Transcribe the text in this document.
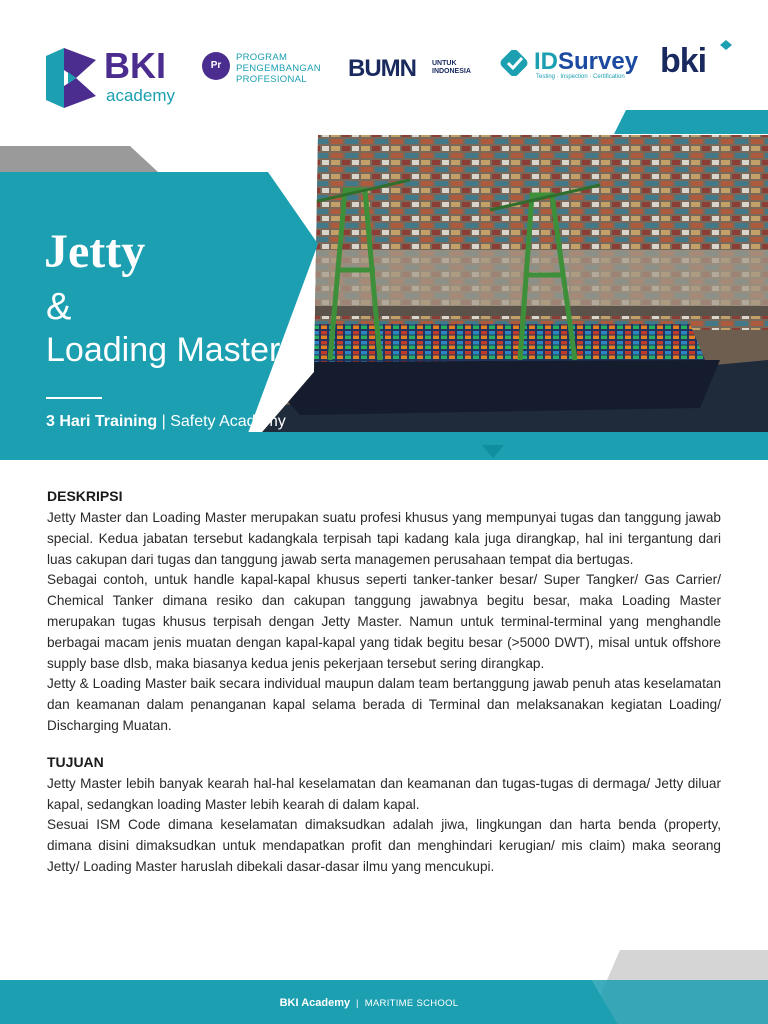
BKI
academy
Pr
PROGRAM
PENGEMBANGAN
PROFESIONAL	BUMN UNTUK
INDONESIA	IDSurvey
Testing · Inspection · Certification bki
Jetty
&
Loading Master
3 Hari Training | Safety Academy
DESKRIPSI

Jetty Master dan Loading Master merupakan suatu profesi khusus yang mempunyai tugas dan tanggung jawab special. Kedua jabatan tersebut kadangkala terpisah tapi kadang kala juga dirangkap, hal ini tergantung dari luas cakupan dari tugas dan tanggung jawab serta managemen perusahaan tempat dia bertugas.

Sebagai contoh, untuk handle kapal-kapal khusus seperti tanker-tanker besar/ Super Tangker/ Gas Carrier/ Chemical Tanker dimana resiko dan cakupan tanggung jawabnya begitu besar, maka Loading Master merupakan tugas khusus terpisah dengan Jetty Master. Namun untuk terminal-terminal yang menghandle berbagai macam jenis muatan dengan kapal-kapal yang tidak begitu besar (>5000 DWT), misal untuk offshore supply base dlsb, maka biasanya kedua jenis pekerjaan tersebut sering dirangkap.

Jetty & Loading Master baik secara individual maupun dalam team bertanggung jawab penuh atas keselamatan dan keamanan dalam penanganan kapal selama berada di Terminal dan melaksanakan kegiatan Loading/ Discharging Muatan.

TUJUAN

Jetty Master lebih banyak kearah hal-hal keselamatan dan keamanan dan tugas-tugas di dermaga/ Jetty diluar kapal, sedangkan loading Master lebih kearah di dalam kapal.

Sesuai ISM Code dimana keselamatan dimaksudkan adalah jiwa, lingkungan dan harta benda (property, dimana disini dimaksudkan untuk mendapatkan profit dan menghindari kerugian/ mis claim) maka seorang Jetty/ Loading Master haruslah dibekali dasar-dasar ilmu yang mencukupi.

BKI Academy | MARITIME SCHOOL
